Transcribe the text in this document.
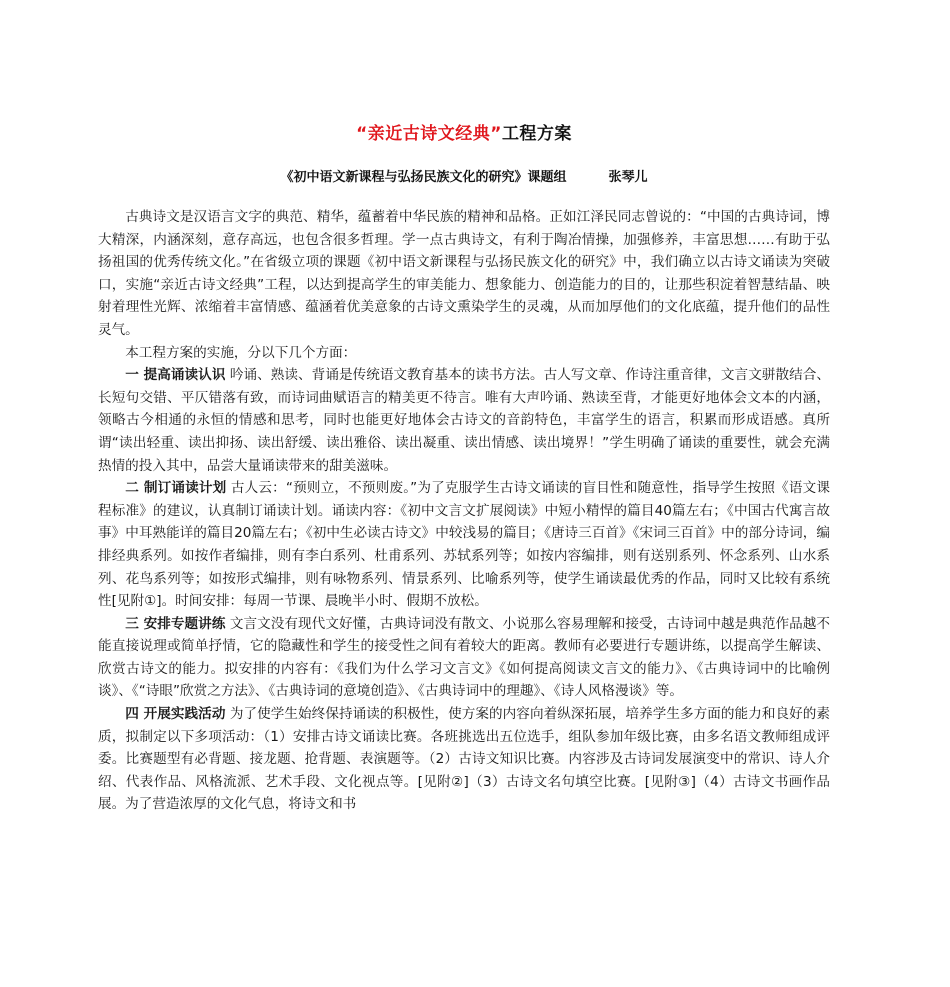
“亲近古诗文经典”工程方案
《初中语文新课程与弘扬民族文化的研究》课题组	张琴儿

古典诗文是汉语言文字的典范、精华，蕴蓄着中华民族的精神和品格。正如江泽民同志曾说的：“中国的古典诗词，博大精深，内涵深刻，意存高远，也包含很多哲理。学一点古典诗文，有利于陶冶情操，加强修养，丰富思想……有助于弘扬祖国的优秀传统文化。”在省级立项的课题《初中语文新课程与弘扬民族文化的研究》中，我们确立以古诗文诵读为突破口，实施“亲近古诗文经典”工程，以达到提高学生的审美能力、想象能力、创造能力的目的，让那些积淀着智慧结晶、映射着理性光辉、浓缩着丰富情感、蕴涵着优美意象的古诗文熏染学生的灵魂，从而加厚他们的文化底蕴，提升他们的品性灵气。

本工程方案的实施，分以下几个方面：

一 提高诵读认识 吟诵、熟读、背诵是传统语文教育基本的读书方法。古人写文章、作诗注重音律，文言文骈散结合、长短句交错、平仄错落有致，而诗词曲赋语言的精美更不待言。唯有大声吟诵、熟读至背，才能更好地体会文本的内涵，领略古今相通的永恒的情感和思考，同时也能更好地体会古诗文的音韵特色，丰富学生的语言，积累而形成语感。真所谓“读出轻重、读出抑扬、读出舒缓、读出雅俗、读出凝重、读出情感、读出境界！”学生明确了诵读的重要性，就会充满热情的投入其中，品尝大量诵读带来的甜美滋味。

二 制订诵读计划 古人云：“预则立，不预则废。”为了克服学生古诗文诵读的盲目性和随意性，指导学生按照《语文课程标准》的建议，认真制订诵读计划。诵读内容：《初中文言文扩展阅读》中短小精悍的篇目40篇左右；《中国古代寓言故事》中耳熟能详的篇目20篇左右；《初中生必读古诗文》中较浅易的篇目；《唐诗三百首》《宋词三百首》中的部分诗词，编排经典系列。如按作者编排，则有李白系列、杜甫系列、苏轼系列等；如按内容编排，则有送别系列、怀念系列、山水系列、花鸟系列等；如按形式编排，则有咏物系列、情景系列、比喻系列等，使学生诵读最优秀的作品，同时又比较有系统性[见附①]。时间安排：每周一节课、晨晚半小时、假期不放松。

三 安排专题讲练 文言文没有现代文好懂，古典诗词没有散文、小说那么容易理解和接受，古诗词中越是典范作品越不能直接说理或简单抒情，它的隐藏性和学生的接受性之间有着较大的距离。教师有必要进行专题讲练，以提高学生解读、欣赏古诗文的能力。拟安排的内容有：《我们为什么学习文言文》《如何提高阅读文言文的能力》、《古典诗词中的比喻例谈》、《“诗眼”欣赏之方法》、《古典诗词的意境创造》、《古典诗词中的理趣》、《诗人风格漫谈》等。

四 开展实践活动 为了使学生始终保持诵读的积极性，使方案的内容向着纵深拓展，培养学生多方面的能力和良好的素质，拟制定以下多项活动：（1）安排古诗文诵读比赛。各班挑选出五位选手，组队参加年级比赛，由多名语文教师组成评委。比赛题型有必背题、接龙题、抢背题、表演题等。（2）古诗文知识比赛。内容涉及古诗词发展演变中的常识、诗人介绍、代表作品、风格流派、艺术手段、文化视点等。[见附②]（3）古诗文名句填空比赛。[见附③]（4）古诗文书画作品展。为了营造浓厚的文化气息，将诗文和书
